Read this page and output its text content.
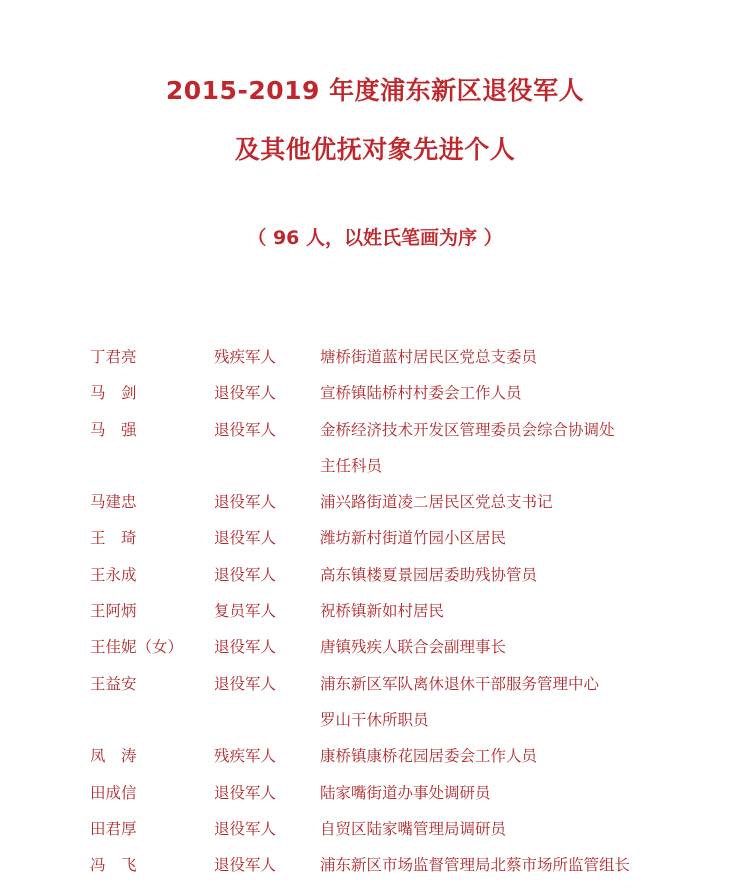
2015-2019 年度浦东新区退役军人
及其他优抚对象先进个人
（ 96 人，以姓氏笔画为序 ）
丁君亮	残疾军人	塘桥街道蓝村居民区党总支委员
马　剑	退役军人	宣桥镇陆桥村村委会工作人员
马　强	退役军人	金桥经济技术开发区管理委员会综合协调处
主任科员
马建忠	退役军人	浦兴路街道凌二居民区党总支书记
王　琦	退役军人	潍坊新村街道竹园小区居民
王永成	退役军人	高东镇楼夏景园居委助残协管员
王阿炳	复员军人	祝桥镇新如村居民
王佳妮（女）	退役军人	唐镇残疾人联合会副理事长
王益安	退役军人	浦东新区军队离休退休干部服务管理中心
罗山干休所职员
凤　涛	残疾军人	康桥镇康桥花园居委会工作人员
田成信	退役军人	陆家嘴街道办事处调研员
田君厚	退役军人	自贸区陆家嘴管理局调研员
冯　飞	退役军人	浦东新区市场监督管理局北蔡市场所监管组长
